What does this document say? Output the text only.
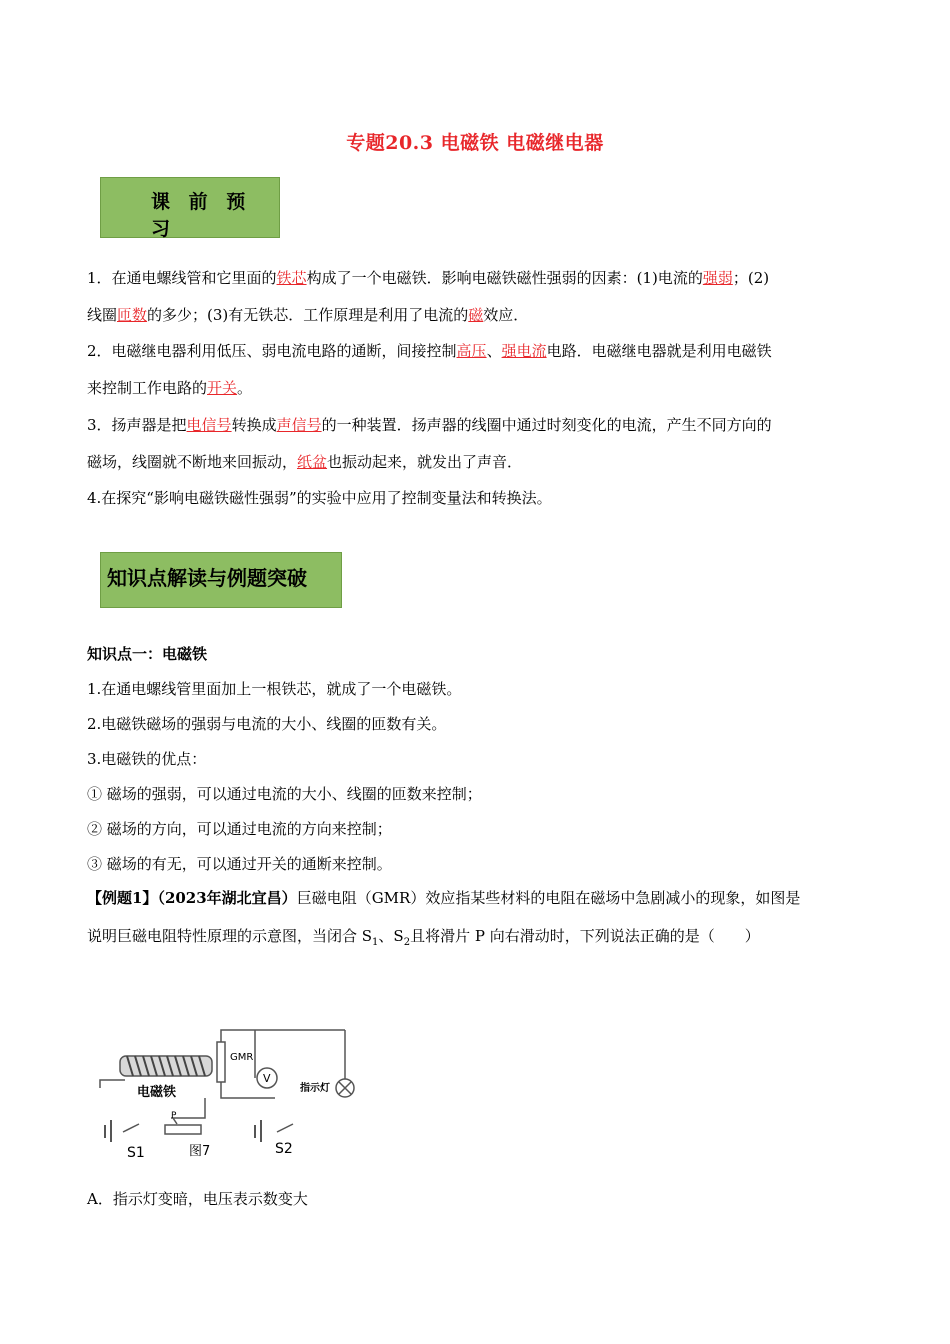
专题20.3 电磁铁 电磁继电器
课 前 预 习
1．在通电螺线管和它里面的铁芯构成了一个电磁铁．影响电磁铁磁性强弱的因素：(1)电流的强弱；(2)
线圈匝数的多少；(3)有无铁芯．工作原理是利用了电流的磁效应．
2．电磁继电器利用低压、弱电流电路的通断，间接控制高压、强电流电路．电磁继电器就是利用电磁铁
来控制工作电路的开关。
3．扬声器是把电信号转换成声信号的一种装置．扬声器的线圈中通过时刻变化的电流，产生不同方向的
磁场，线圈就不断地来回振动，纸盆也振动起来，就发出了声音．
4.在探究“影响电磁铁磁性强弱”的实验中应用了控制变量法和转换法。
知识点解读与例题突破
知识点一：电磁铁
1.在通电螺线管里面加上一根铁芯，就成了一个电磁铁。
2.电磁铁磁场的强弱与电流的大小、线圈的匝数有关。
3.电磁铁的优点：
① 磁场的强弱，可以通过电流的大小、线圈的匝数来控制；
② 磁场的方向，可以通过电流的方向来控制；
③ 磁场的有无，可以通过开关的通断来控制。
【例题1】（2023年湖北宜昌）巨磁电阻（GMR）效应指某些材料的电阻在磁场中急剧减小的现象，如图是
说明巨磁电阻特性原理的示意图，当闭合 $S_1$、$S_2$且将滑片 P 向右滑动时，下列说法正确的是（　　）
电磁铁
GMR
V
指示灯
P
S1	图7	S2
A．指示灯变暗，电压表示数变大
